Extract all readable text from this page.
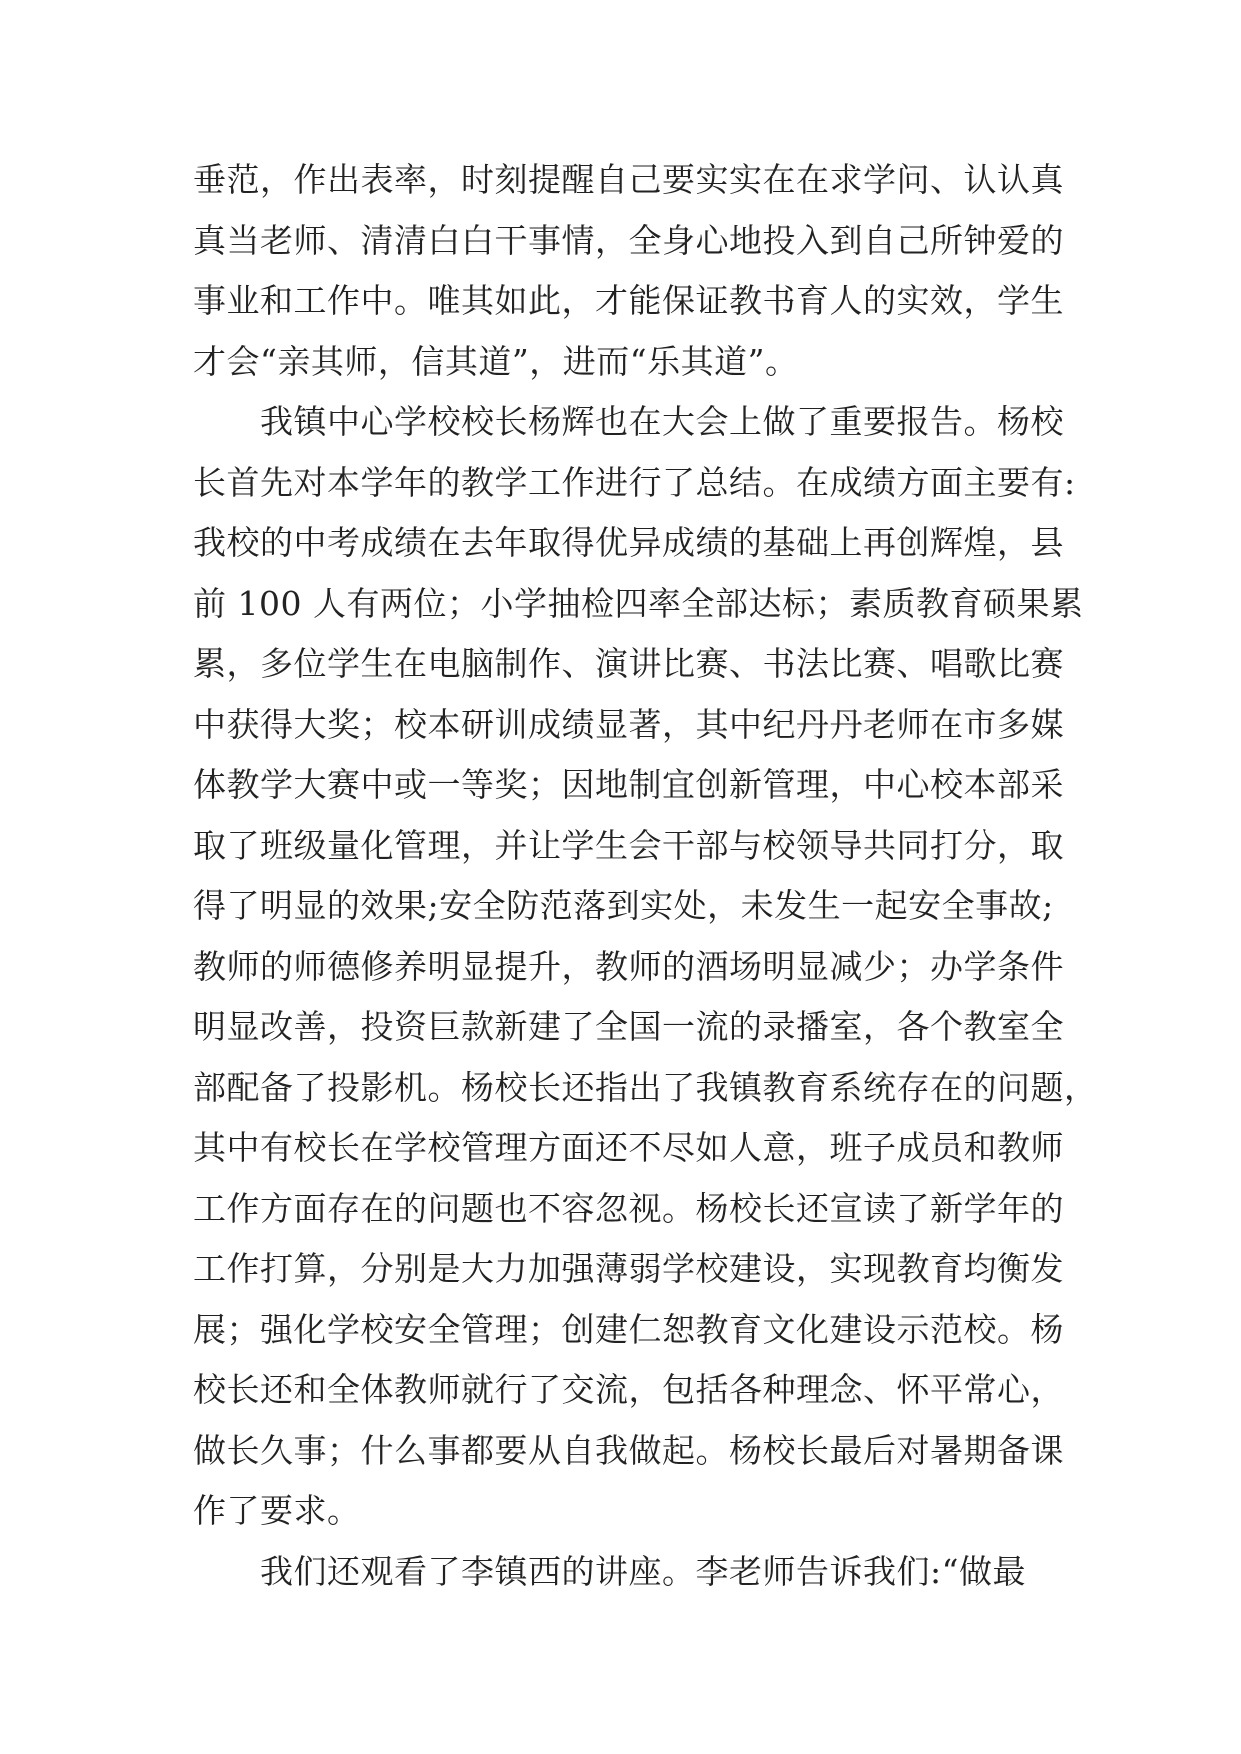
垂范，作出表率，时刻提醒自己要实实在在求学问、认认真
真当老师、清清白白干事情，全身心地投入到自己所钟爱的
事业和工作中。唯其如此，才能保证教书育人的实效，学生
才会“亲其师，信其道”，进而“乐其道”。
　　我镇中心学校校长杨辉也在大会上做了重要报告。杨校
长首先对本学年的教学工作进行了总结。在成绩方面主要有:
我校的中考成绩在去年取得优异成绩的基础上再创辉煌，县
前 100 人有两位；小学抽检四率全部达标；素质教育硕果累
累，多位学生在电脑制作、演讲比赛、书法比赛、唱歌比赛
中获得大奖；校本研训成绩显著，其中纪丹丹老师在市多媒
体教学大赛中或一等奖；因地制宜创新管理，中心校本部采
取了班级量化管理，并让学生会干部与校领导共同打分，取
得了明显的效果;安全防范落到实处，未发生一起安全事故;
教师的师德修养明显提升，教师的酒场明显减少；办学条件
明显改善，投资巨款新建了全国一流的录播室，各个教室全
部配备了投影机。杨校长还指出了我镇教育系统存在的问题，
其中有校长在学校管理方面还不尽如人意，班子成员和教师
工作方面存在的问题也不容忽视。杨校长还宣读了新学年的
工作打算，分别是大力加强薄弱学校建设，实现教育均衡发
展；强化学校安全管理；创建仁恕教育文化建设示范校。杨
校长还和全体教师就行了交流，包括各种理念、怀平常心，
做长久事；什么事都要从自我做起。杨校长最后对暑期备课
作了要求。
　　我们还观看了李镇西的讲座。李老师告诉我们:“做最
